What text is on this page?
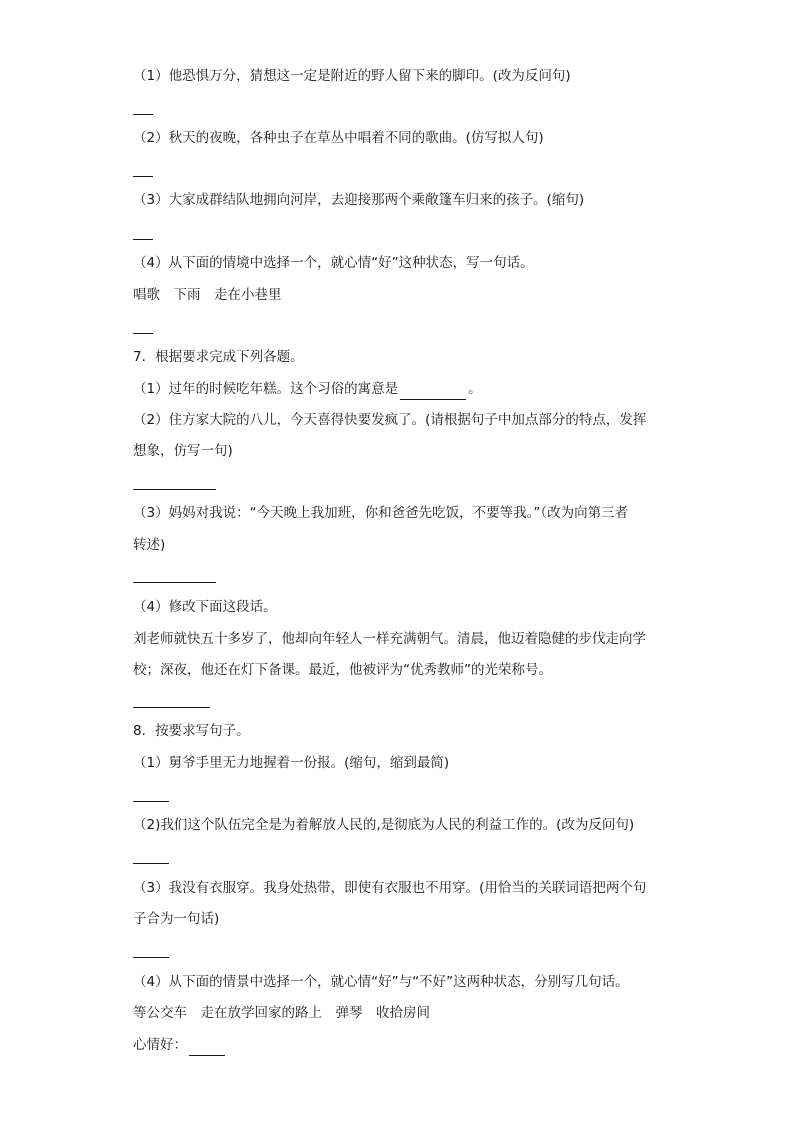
（1）他恐惧万分，猜想这一定是附近的野人留下来的脚印。(改为反问句)
（2）秋天的夜晚，各种虫子在草丛中唱着不同的歌曲。(仿写拟人句)
（3）大家成群结队地拥向河岸，去迎接那两个乘敞篷车归来的孩子。(缩句)
（4）从下面的情境中选择一个，就心情“好”这种状态，写一句话。
唱歌　下雨　走在小巷里
7．根据要求完成下列各题。
（1）过年的时候吃年糕。这个习俗的寓意是	。
（2）住方家大院的八儿，今天喜得快要发疯了。(请根据句子中加点部分的特点，发挥
想象，仿写一句)
（3）妈妈对我说：“今天晚上我加班，你和爸爸先吃饭，不要等我。”（改为向第三者
转述)
（4）修改下面这段话。
刘老师就快五十多岁了，他却向年轻人一样充满朝气。清晨，他迈着隐健的步伐走向学
校；深夜，他还在灯下备课。最近，他被评为“优秀教师”的光荣称号。
8．按要求写句子。
（1）舅爷手里无力地握着一份报。(缩句，缩到最简)
（2)我们这个队伍完全是为着解放人民的,是彻底为人民的利益工作的。(改为反问句)
（3）我没有衣服穿。我身处热带，即使有衣服也不用穿。(用恰当的关联词语把两个句
子合为一句话)
（4）从下面的情景中选择一个，就心情“好”与“不好”这两种状态，分别写几句话。
等公交车　走在放学回家的路上　弹琴　收拾房间
心情好：
